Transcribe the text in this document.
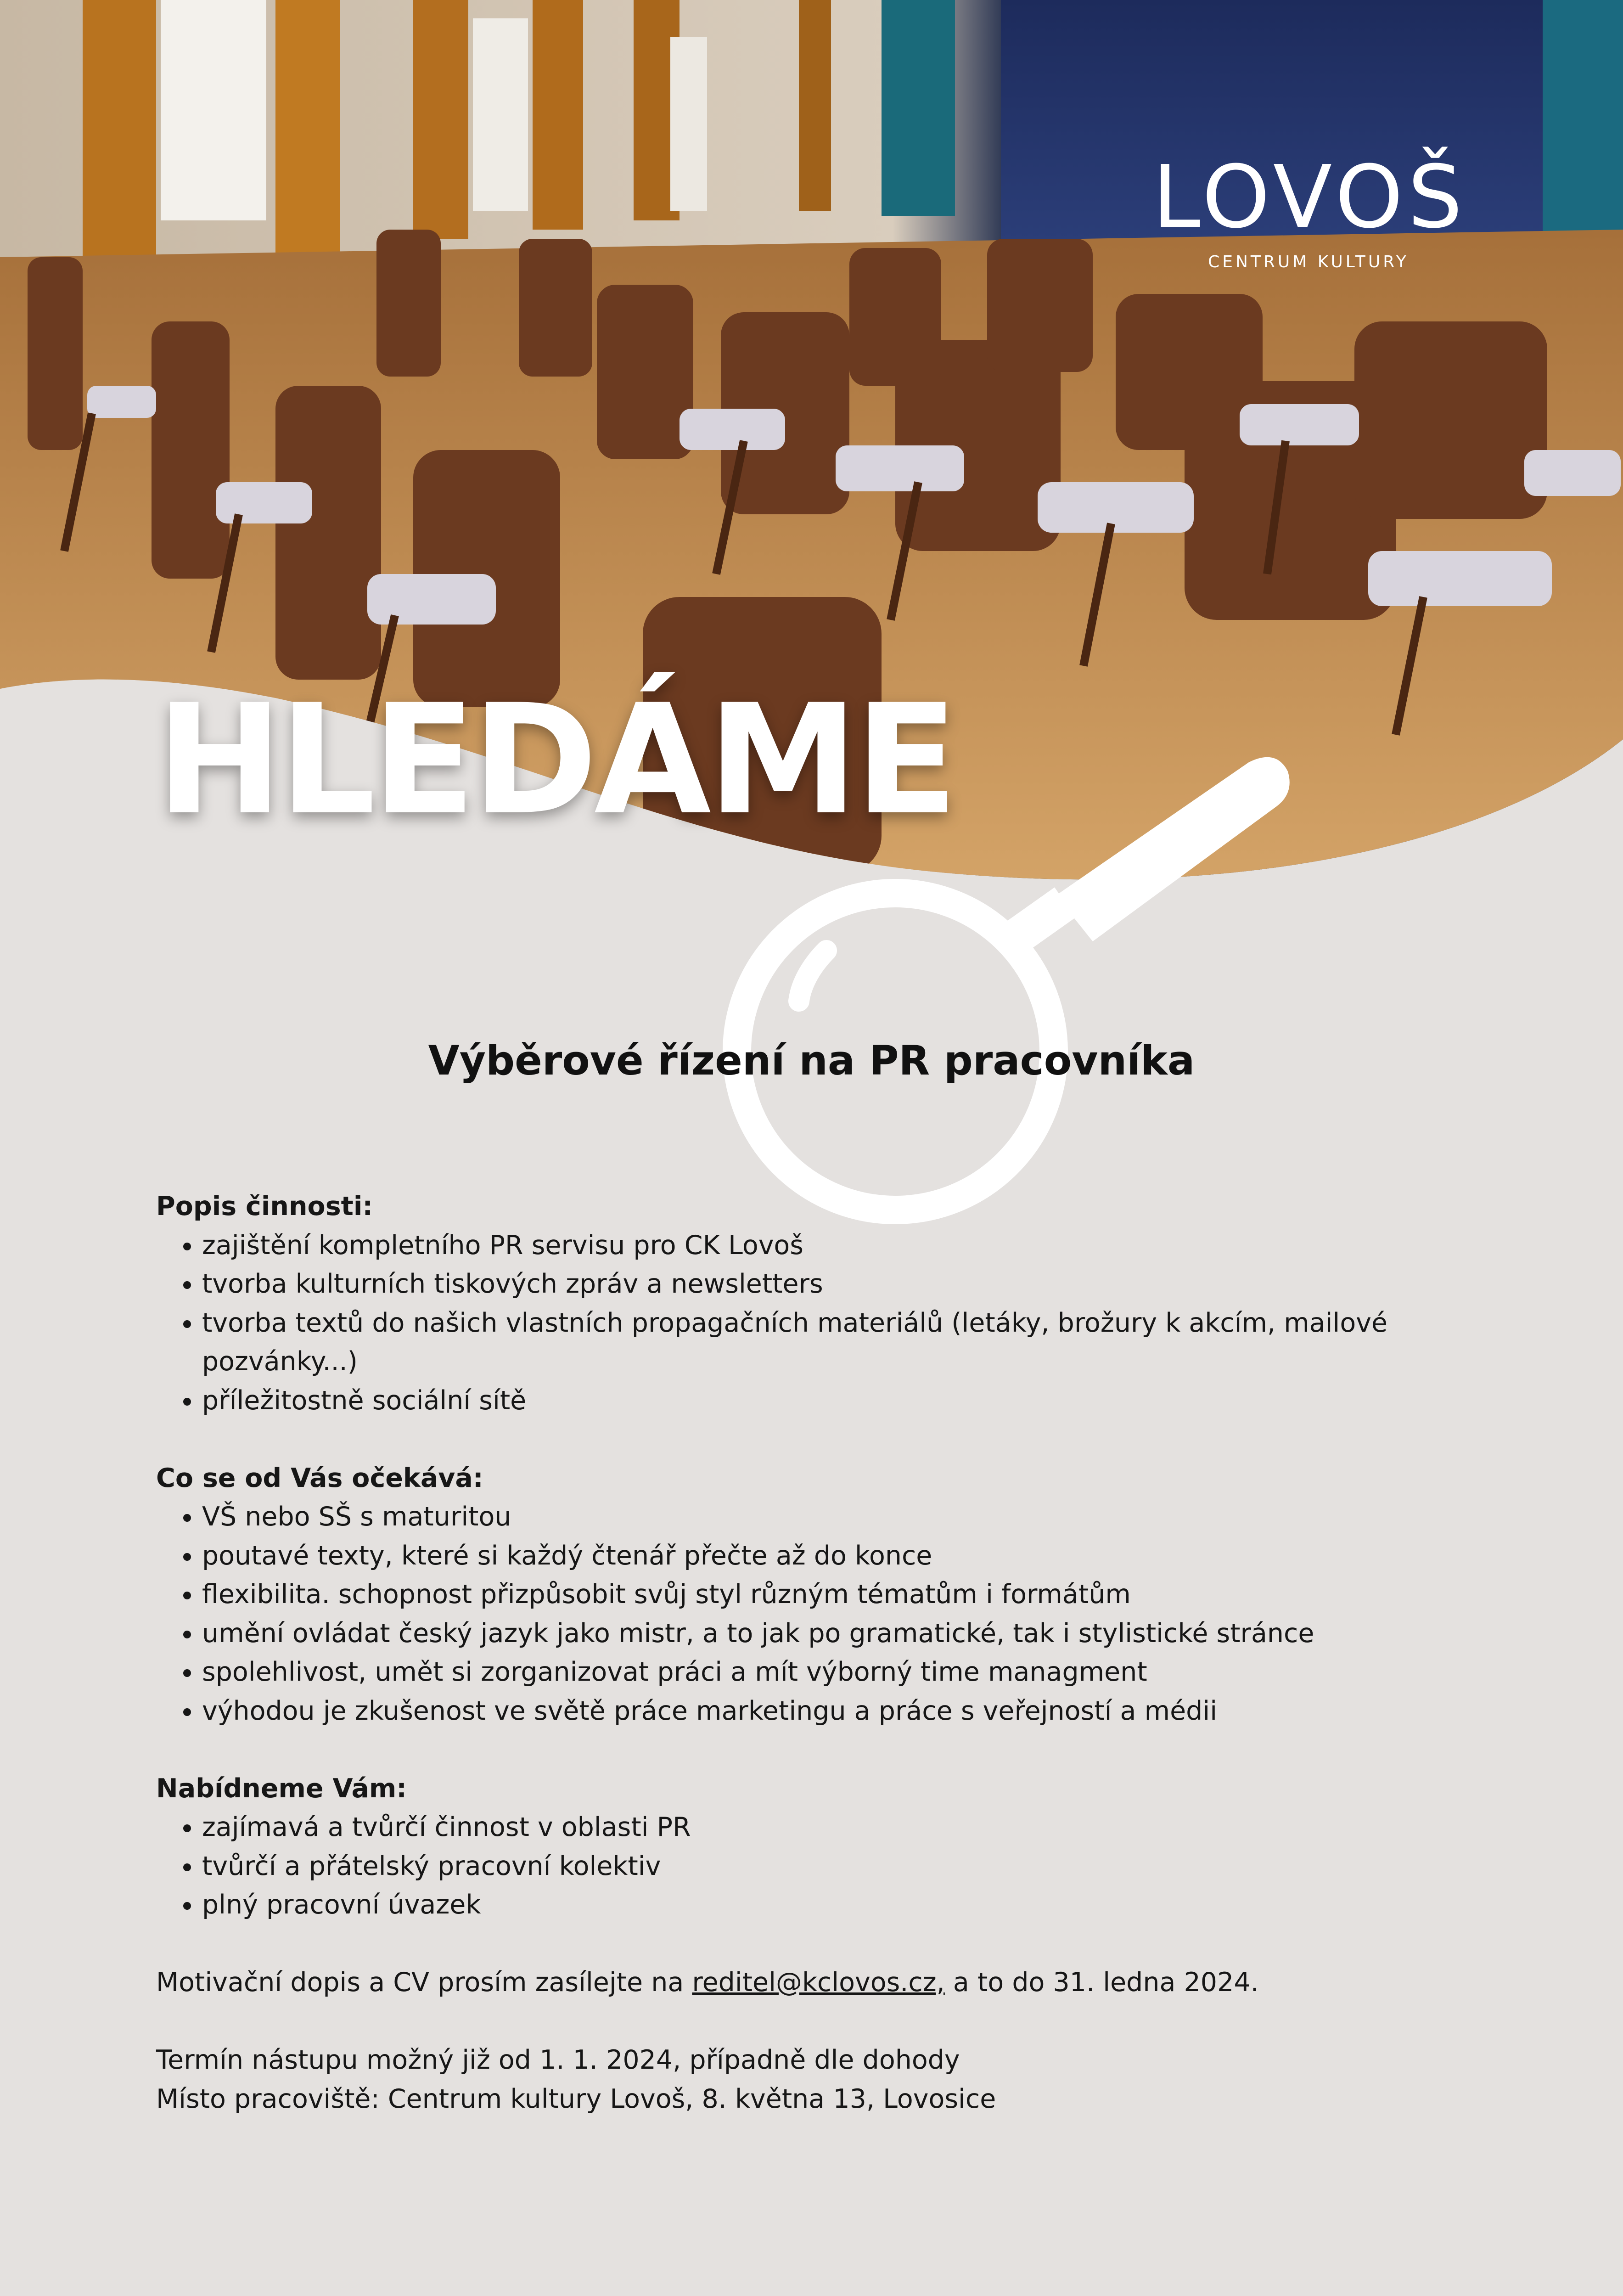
LOVOŠ
CENTRUM KULTURY
HLEDÁME
Výběrové řízení na PR pracovníka
Popis činnosti:
• zajištění kompletního PR servisu pro CK Lovoš
• tvorba kulturních tiskových zpráv a newsletters
• tvorba textů do našich vlastních propagačních materiálů (letáky, brožury k akcím, mailové pozvánky...)
• příležitostně sociální sítě
Co se od Vás očekává:
• VŠ nebo SŠ s maturitou
• poutavé texty, které si každý čtenář přečte až do konce
• flexibilita. schopnost přizpůsobit svůj styl různým tématům i formátům
• umění ovládat český jazyk jako mistr, a to jak po gramatické, tak i stylistické stránce
• spolehlivost, umět si zorganizovat práci a mít výborný time managment
• výhodou je zkušenost ve světě práce marketingu a práce s veřejností a médii
Nabídneme Vám:
• zajímavá a tvůrčí činnost v oblasti PR
• tvůrčí a přátelský pracovní kolektiv
• plný pracovní úvazek

Motivační dopis a CV prosím zasílejte na reditel@kclovos.cz, a to do 31. ledna 2024.

Termín nástupu možný již od 1. 1. 2024, případně dle dohody

Místo pracoviště: Centrum kultury Lovoš, 8. května 13, Lovosice
